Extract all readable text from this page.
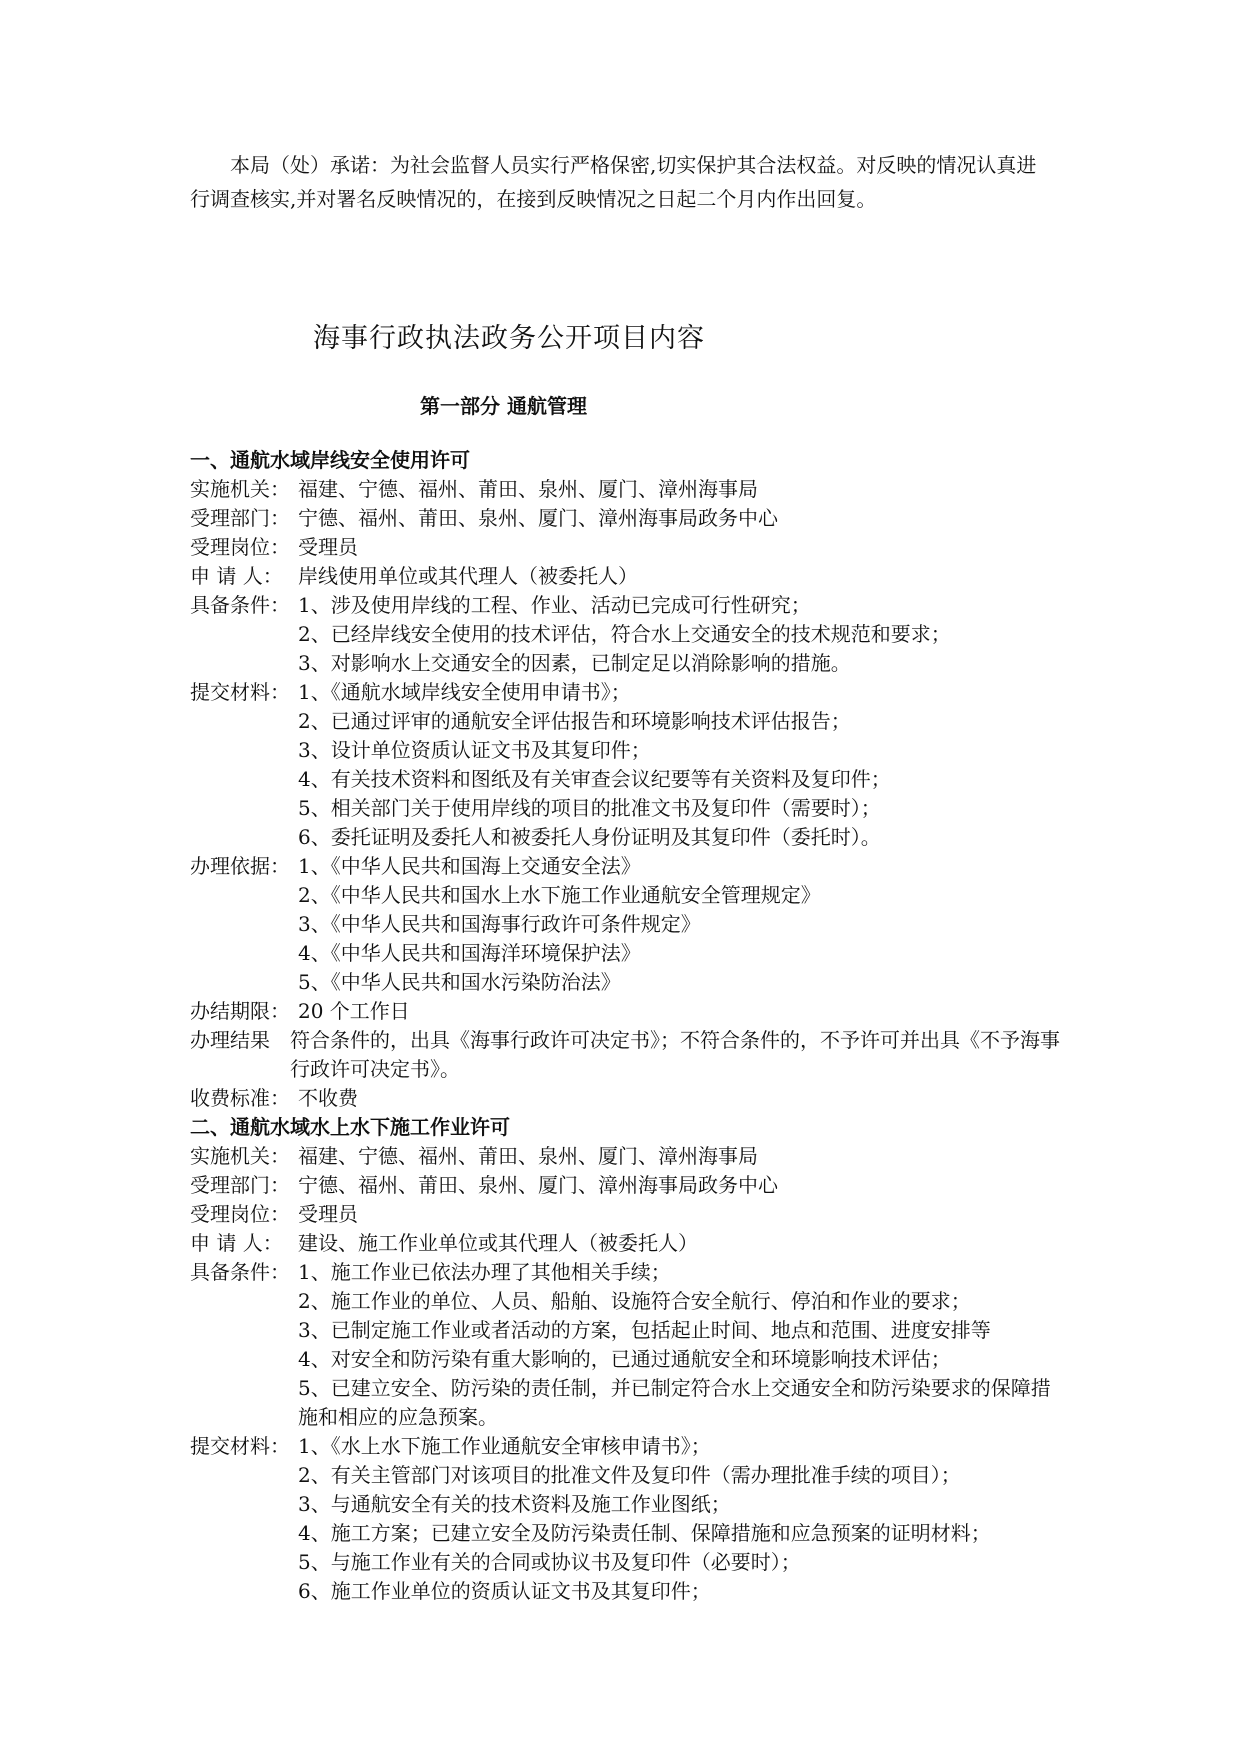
本局（处）承诺：为社会监督人员实行严格保密,切实保护其合法权益。对反映的情况认真进行调查核实,并对署名反映情况的，在接到反映情况之日起二个月内作出回复。

海事行政执法政务公开项目内容
第一部分 通航管理
一、通航水域岸线安全使用许可
实施机关： 福建、宁德、福州、莆田、泉州、厦门、漳州海事局
受理部门： 宁德、福州、莆田、泉州、厦门、漳州海事局政务中心
受理岗位： 受理员
申 请 人： 岸线使用单位或其代理人（被委托人）
具备条件： 1、涉及使用岸线的工程、作业、活动已完成可行性研究；
2、已经岸线安全使用的技术评估，符合水上交通安全的技术规范和要求；
3、对影响水上交通安全的因素，已制定足以消除影响的措施。
提交材料： 1、《通航水域岸线安全使用申请书》；
2、已通过评审的通航安全评估报告和环境影响技术评估报告；
3、设计单位资质认证文书及其复印件；
4、有关技术资料和图纸及有关审查会议纪要等有关资料及复印件；
5、相关部门关于使用岸线的项目的批准文书及复印件（需要时）；
6、委托证明及委托人和被委托人身份证明及其复印件（委托时）。
办理依据： 1、《中华人民共和国海上交通安全法》
2、《中华人民共和国水上水下施工作业通航安全管理规定》
3、《中华人民共和国海事行政许可条件规定》
4、《中华人民共和国海洋环境保护法》
5、《中华人民共和国水污染防治法》
办结期限： 20 个工作日
办理结果	符合条件的，出具《海事行政许可决定书》；不符合条件的，不予许可并出具《不予海事行政许可决定书》。
收费标准： 不收费
二、通航水域水上水下施工作业许可
实施机关： 福建、宁德、福州、莆田、泉州、厦门、漳州海事局
受理部门： 宁德、福州、莆田、泉州、厦门、漳州海事局政务中心
受理岗位： 受理员
申 请 人： 建设、施工作业单位或其代理人（被委托人）
具备条件： 1、施工作业已依法办理了其他相关手续；
2、施工作业的单位、人员、船舶、设施符合安全航行、停泊和作业的要求；
3、已制定施工作业或者活动的方案，包括起止时间、地点和范围、进度安排等
4、对安全和防污染有重大影响的，已通过通航安全和环境影响技术评估；
5、已建立安全、防污染的责任制，并已制定符合水上交通安全和防污染要求的保障措施和相应的应急预案。
提交材料： 1、《水上水下施工作业通航安全审核申请书》；
2、有关主管部门对该项目的批准文件及复印件（需办理批准手续的项目）；
3、与通航安全有关的技术资料及施工作业图纸；
4、施工方案；已建立安全及防污染责任制、保障措施和应急预案的证明材料；
5、与施工作业有关的合同或协议书及复印件（必要时）；
6、施工作业单位的资质认证文书及其复印件；
